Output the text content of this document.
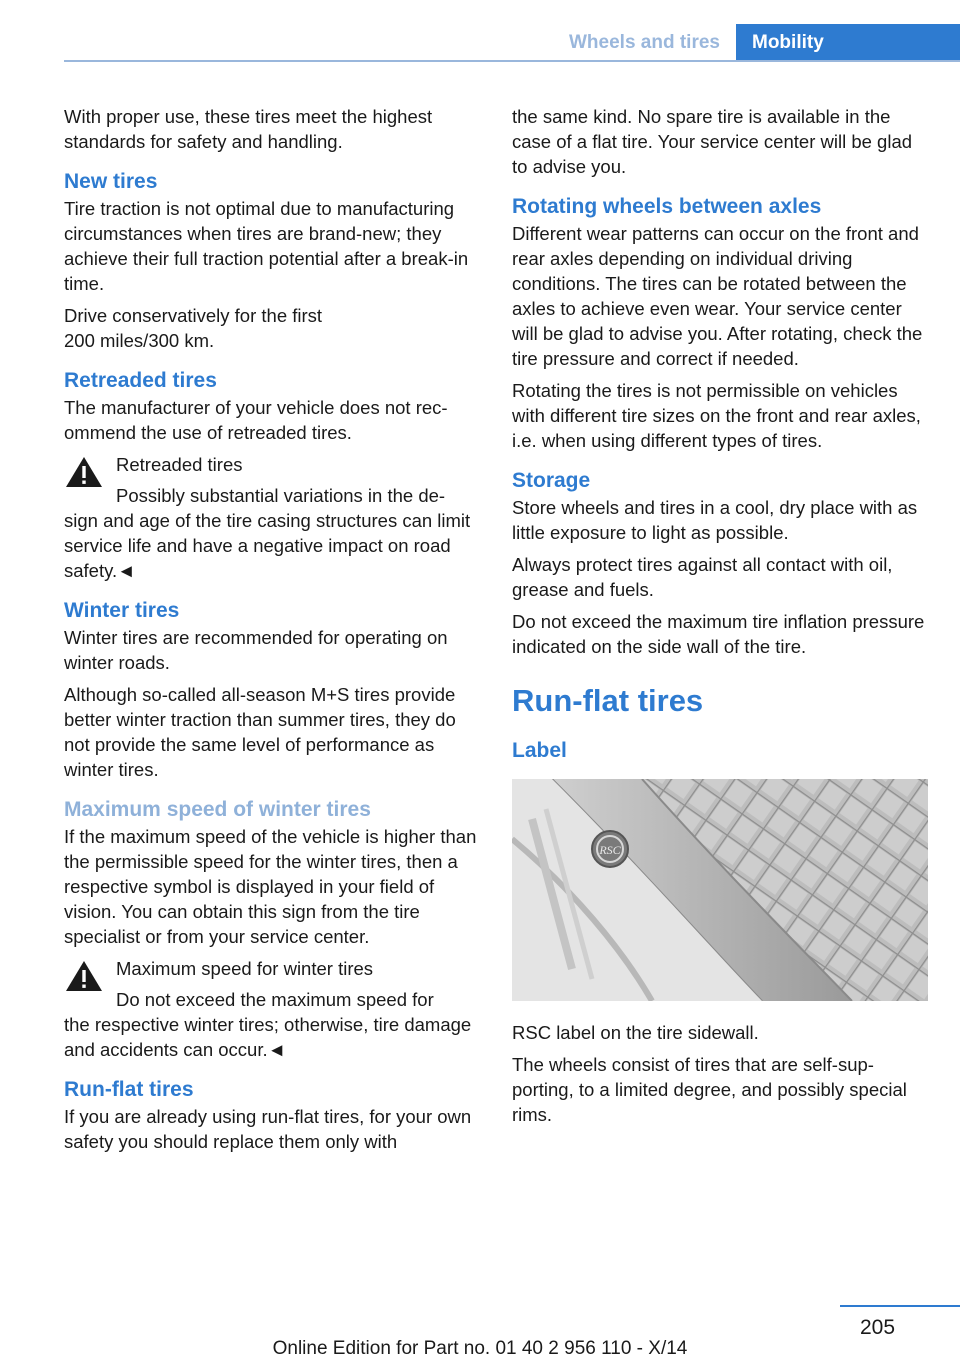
Wheels and tires	Mobility

With proper use, these tires meet the highest standards for safety and handling.

New tires

Tire traction is not optimal due to manufacturing circumstances when tires are brand-new; they achieve their full traction potential after a break-in time.

Drive conservatively for the first
200 miles/300 km.

Retreaded tires

The manufacturer of your vehicle does not recommend the use of retreaded tires.

Retreaded tires

Possibly substantial variations in the de-

sign and age of the tire casing structures can limit service life and have a negative impact on road safety.◄

Winter tires

Winter tires are recommended for operating on winter roads.

Although so-called all-season M+S tires provide better winter traction than summer tires, they do not provide the same level of performance as winter tires.

Maximum speed of winter tires

If the maximum speed of the vehicle is higher than the permissible speed for the winter tires, then a respective symbol is displayed in your field of vision. You can obtain this sign from the tire specialist or from your service center.

Maximum speed for winter tires

Do not exceed the maximum speed for

the respective winter tires; otherwise, tire damage and accidents can occur.◄

Run-flat tires

If you are already using run-flat tires, for your own safety you should replace them only with

the same kind. No spare tire is available in the case of a flat tire. Your service center will be glad to advise you.

Rotating wheels between axles

Different wear patterns can occur on the front and rear axles depending on individual driving conditions. The tires can be rotated between the axles to achieve even wear. Your service center will be glad to advise you. After rotating, check the tire pressure and correct if needed.

Rotating the tires is not permissible on vehicles with different tire sizes on the front and rear axles, i.e. when using different types of tires.

Storage

Store wheels and tires in a cool, dry place with as little exposure to light as possible.

Always protect tires against all contact with oil, grease and fuels.

Do not exceed the maximum tire inflation pressure indicated on the side wall of the tire.

Run-flat tires
Label
RSC

RSC label on the tire sidewall.

The wheels consist of tires that are self-supporting, to a limited degree, and possibly special rims.

205
Online Edition for Part no. 01 40 2 956 110 - X/14
